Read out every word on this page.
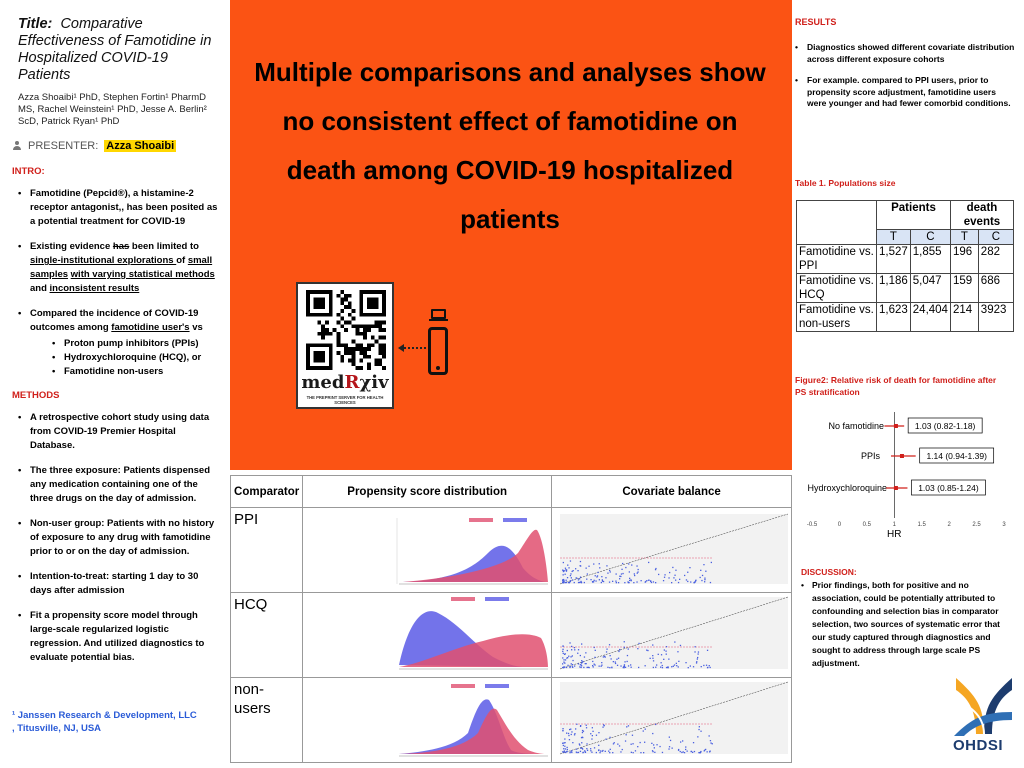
Title: Comparative Effectiveness of Famotidine in Hospitalized COVID-19 Patients
Azza Shoaibi¹ PhD, Stephen Fortin¹ PharmD MS, Rachel Weinstein¹ PhD, Jesse A. Berlin² ScD, Patrick Ryan¹ PhD
PRESENTER: Azza Shoaibi
INTRO:
• Famotidine (Pepcid®), a histamine-2 receptor antagonist,, has been posited as a potential treatment for COVID-19
• Existing evidence has been limited to single-institutional explorations of small samples with varying statistical methods and inconsistent results
• Compared the incidence of COVID-19 outcomes among famotidine user's vs
• Proton pump inhibitors (PPIs)
• Hydroxychloroquine (HCQ), or
• Famotidine non-users
METHODS
• A retrospective cohort study using data from COVID-19 Premier Hospital Database.
• The three exposure: Patients dispensed any medication containing one of the three drugs on the day of admission.
• Non-user group: Patients with no history of exposure to any drug with famotidine prior to or on the day of admission.
• Intention-to-treat: starting 1 day to 30 days after admission
• Fit a propensity score model through large-scale regularized logistic regression. And utilized diagnostics to evaluate potential bias.
¹ Janssen Research & Development, LLC
, Titusville, NJ, USA
Multiple comparisons and analyses show no consistent effect of famotidine on death among COVID-19 hospitalized patients
medRχiv
THE PREPRINT SERVER FOR HEALTH SCIENCES
Comparator	Propensity score distribution	Covariate balance
PPI	

HCQ	

non-users	

RESULTS
• Diagnostics showed different covariate distribution across different exposure cohorts
• For example. compared to PPI users, prior to propensity score adjustment, famotidine users were younger and had fewer comorbid conditions.
Table 1. Populations size
	Patients		death events	
	T	C	T	C
Famotidine vs. PPI	1,527	1,855	196	282
Famotidine vs. HCQ	1,186	5,047	159	686
Famotidine vs. non-users	1,623	24,404	214	3923
Figure2: Relative risk of death for famotidine after PS stratification
-0.5	0	0.5	1	1.5	2	2.5	3
HR
No famotidine	1.03 (0.82-1.18)
PPIs	1.14 (0.94-1.39)
Hydroxychloroquine	1.03 (0.85-1.24)
DISCUSSION:
• Prior findings, both for positive and no association, could be potentially attributed to confounding and selection bias in comparator selection, two sources of systematic error that our study captured through diagnostics and sought to address through large scale PS adjustment.
OHDSI
